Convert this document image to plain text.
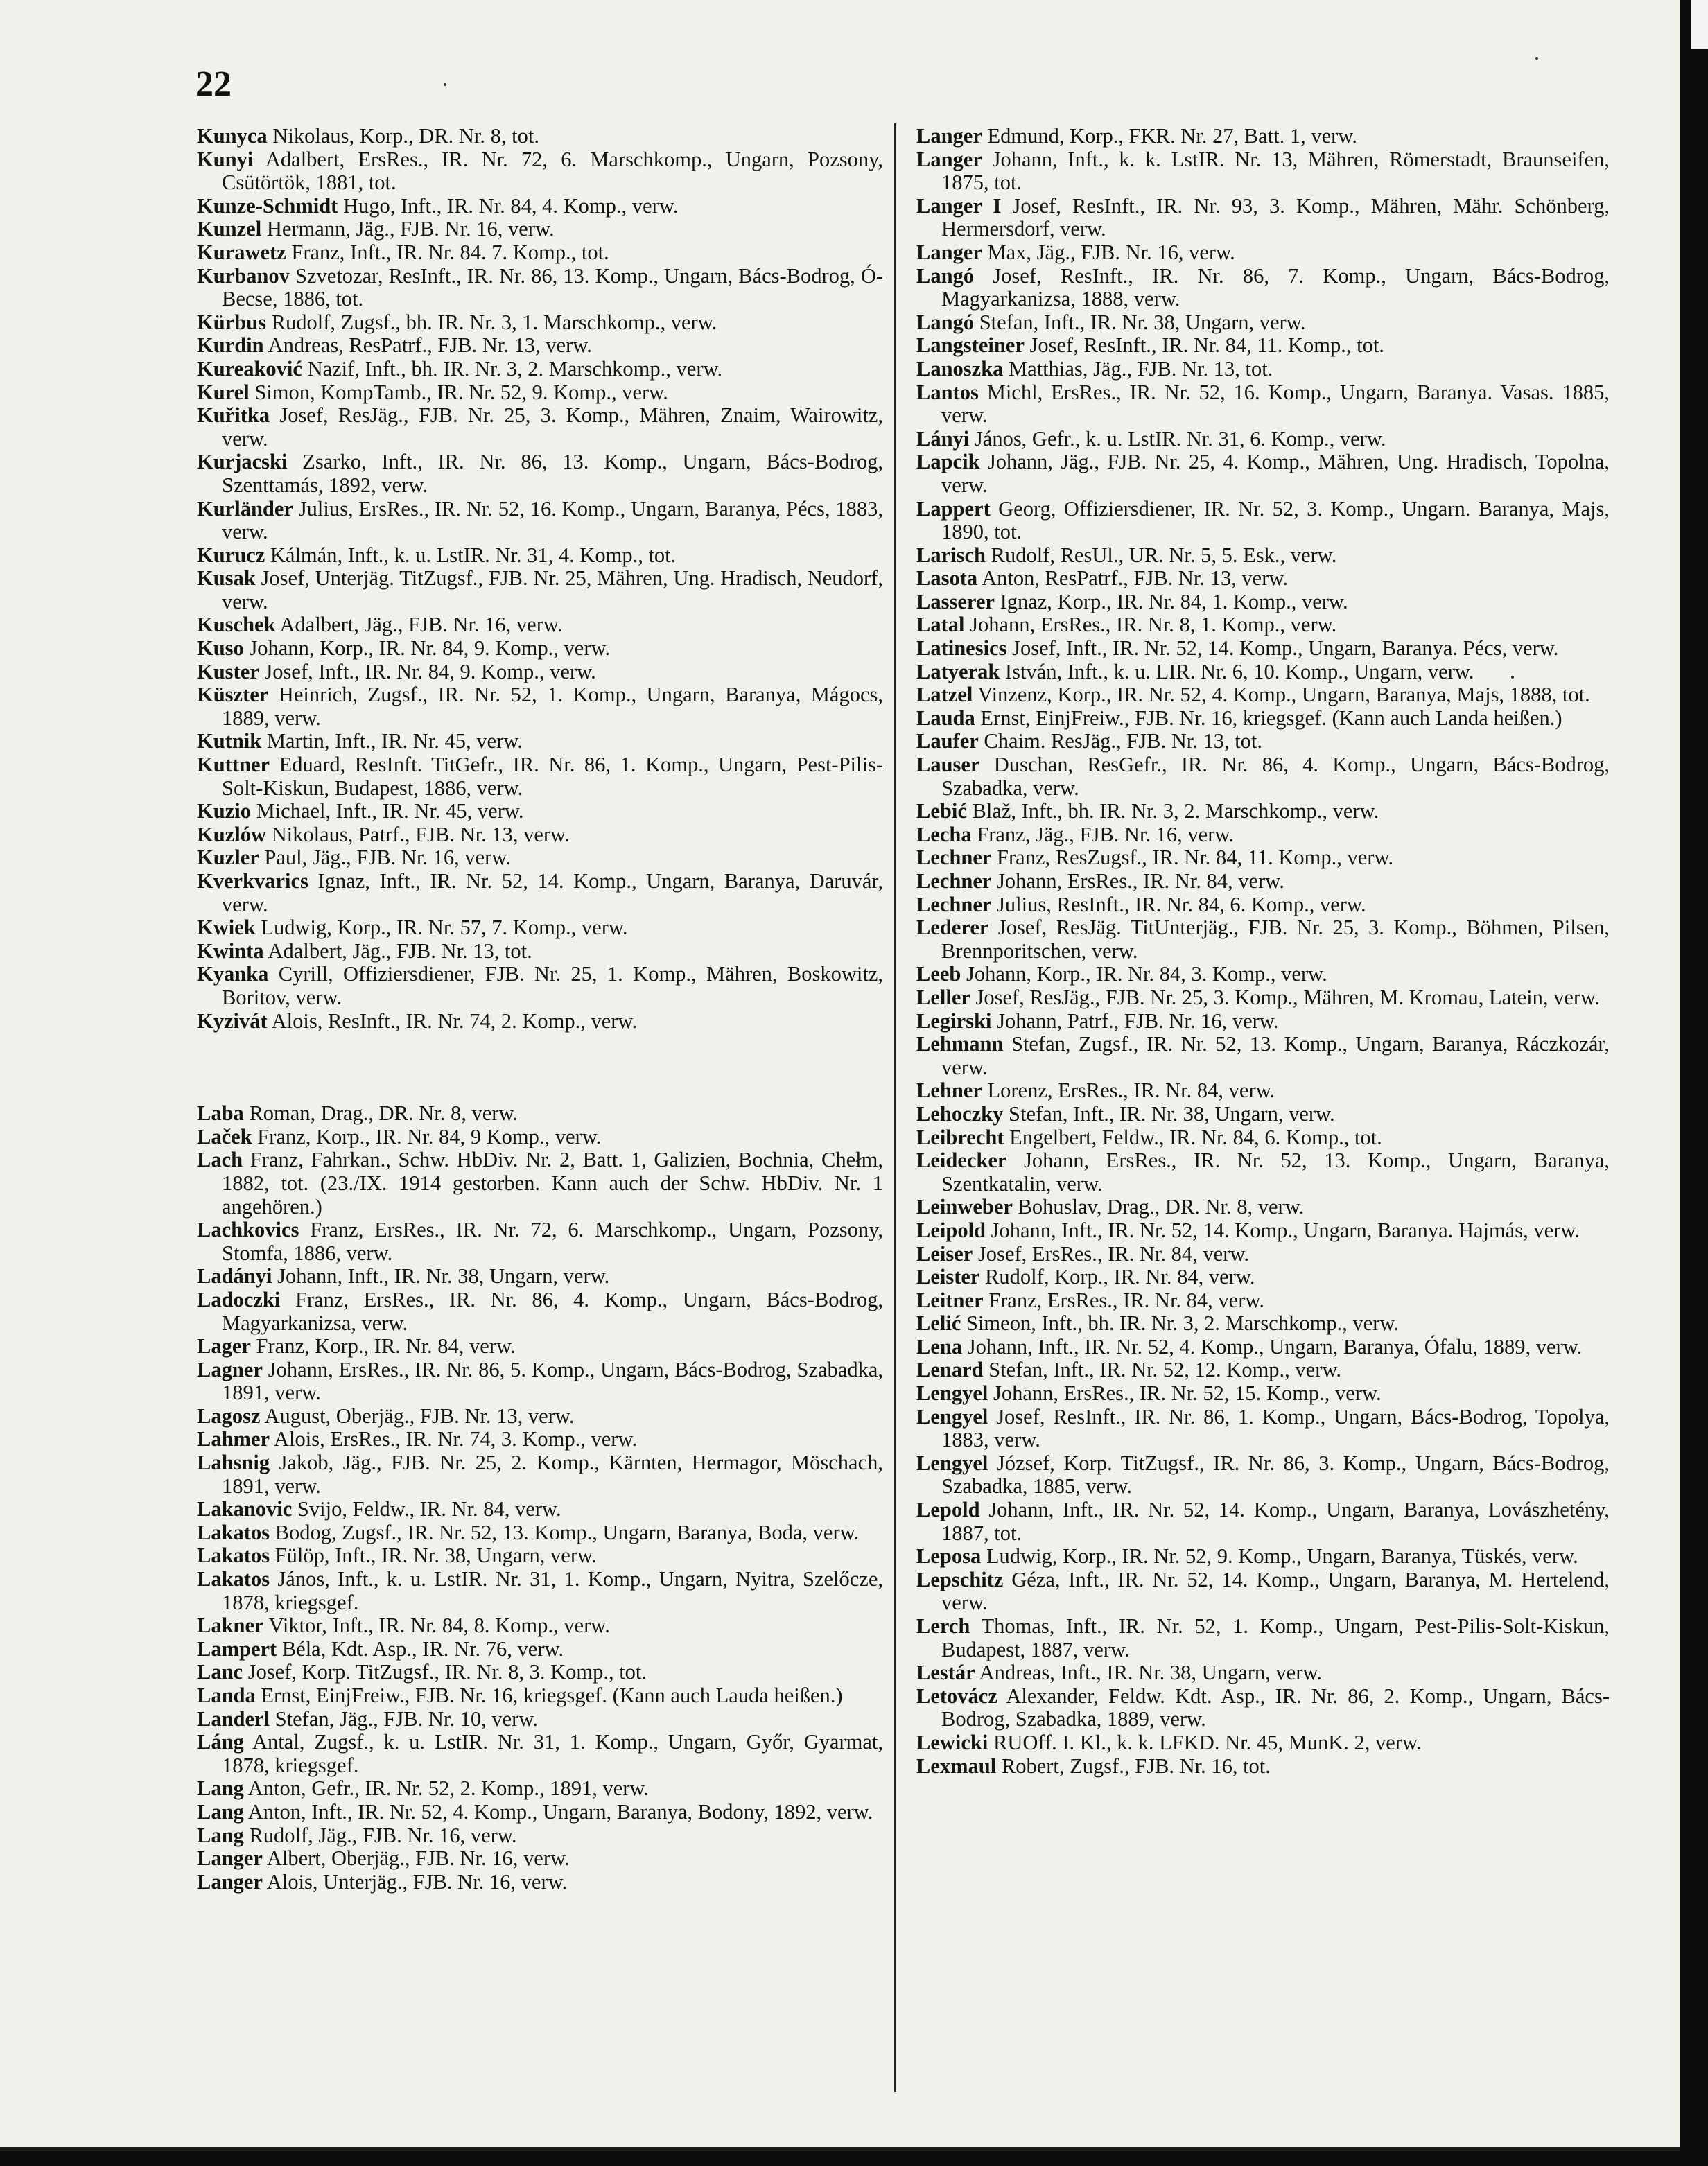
22

Kunyca Nikolaus, Korp., DR. Nr. 8, tot.

Kunyi Adalbert, ErsRes., IR. Nr. 72, 6. Marschkomp., Ungarn, Pozsony, Csütörtök, 1881, tot.

Kunze-Schmidt Hugo, Inft., IR. Nr. 84, 4. Komp., verw.

Kunzel Hermann, Jäg., FJB. Nr. 16, verw.

Kurawetz Franz, Inft., IR. Nr. 84. 7. Komp., tot.

Kurbanov Szvetozar, ResInft., IR. Nr. 86, 13. Komp., Ungarn, Bács-Bodrog, Ó-Becse, 1886, tot.

Kürbus Rudolf, Zugsf., bh. IR. Nr. 3, 1. Marschkomp., verw.

Kurdin Andreas, ResPatrf., FJB. Nr. 13, verw.

Kureaković Nazif, Inft., bh. IR. Nr. 3, 2. Marschkomp., verw.

Kurel Simon, KompTamb., IR. Nr. 52, 9. Komp., verw.

Kuřitka Josef, ResJäg., FJB. Nr. 25, 3. Komp., Mähren, Znaim, Wairowitz, verw.

Kurjacski Zsarko, Inft., IR. Nr. 86, 13. Komp., Ungarn, Bács-Bodrog, Szenttamás, 1892, verw.

Kurländer Julius, ErsRes., IR. Nr. 52, 16. Komp., Ungarn, Baranya, Pécs, 1883, verw.

Kurucz Kálmán, Inft., k. u. LstIR. Nr. 31, 4. Komp., tot.

Kusak Josef, Unterjäg. TitZugsf., FJB. Nr. 25, Mähren, Ung. Hradisch, Neudorf, verw.

Kuschek Adalbert, Jäg., FJB. Nr. 16, verw.

Kuso Johann, Korp., IR. Nr. 84, 9. Komp., verw.

Kuster Josef, Inft., IR. Nr. 84, 9. Komp., verw.

Küszter Heinrich, Zugsf., IR. Nr. 52, 1. Komp., Ungarn, Baranya, Mágocs, 1889, verw.

Kutnik Martin, Inft., IR. Nr. 45, verw.

Kuttner Eduard, ResInft. TitGefr., IR. Nr. 86, 1. Komp., Ungarn, Pest-Pilis-Solt-Kiskun, Budapest, 1886, verw.

Kuzio Michael, Inft., IR. Nr. 45, verw.

Kuzlów Nikolaus, Patrf., FJB. Nr. 13, verw.

Kuzler Paul, Jäg., FJB. Nr. 16, verw.

Kverkvarics Ignaz, Inft., IR. Nr. 52, 14. Komp., Ungarn, Baranya, Daruvár, verw.

Kwiek Ludwig, Korp., IR. Nr. 57, 7. Komp., verw.

Kwinta Adalbert, Jäg., FJB. Nr. 13, tot.

Kyanka Cyrill, Offiziersdiener, FJB. Nr. 25, 1. Komp., Mähren, Boskowitz, Boritov, verw.

Kyzivát Alois, ResInft., IR. Nr. 74, 2. Komp., verw.

Laba Roman, Drag., DR. Nr. 8, verw.

Laček Franz, Korp., IR. Nr. 84, 9 Komp., verw.

Lach Franz, Fahrkan., Schw. HbDiv. Nr. 2, Batt. 1, Galizien, Bochnia, Chełm, 1882, tot. (23./IX. 1914 gestorben. Kann auch der Schw. HbDiv. Nr. 1 angehören.)

Lachkovics Franz, ErsRes., IR. Nr. 72, 6. Marschkomp., Ungarn, Pozsony, Stomfa, 1886, verw.

Ladányi Johann, Inft., IR. Nr. 38, Ungarn, verw.

Ladoczki Franz, ErsRes., IR. Nr. 86, 4. Komp., Ungarn, Bács-Bodrog, Magyarkanizsa, verw.

Lager Franz, Korp., IR. Nr. 84, verw.

Lagner Johann, ErsRes., IR. Nr. 86, 5. Komp., Ungarn, Bács-Bodrog, Szabadka, 1891, verw.

Lagosz August, Oberjäg., FJB. Nr. 13, verw.

Lahmer Alois, ErsRes., IR. Nr. 74, 3. Komp., verw.

Lahsnig Jakob, Jäg., FJB. Nr. 25, 2. Komp., Kärnten, Hermagor, Möschach, 1891, verw.

Lakanovic Svijo, Feldw., IR. Nr. 84, verw.

Lakatos Bodog, Zugsf., IR. Nr. 52, 13. Komp., Ungarn, Baranya, Boda, verw.

Lakatos Fülöp, Inft., IR. Nr. 38, Ungarn, verw.

Lakatos János, Inft., k. u. LstIR. Nr. 31, 1. Komp., Ungarn, Nyitra, Szelőcze, 1878, kriegsgef.

Lakner Viktor, Inft., IR. Nr. 84, 8. Komp., verw.

Lampert Béla, Kdt. Asp., IR. Nr. 76, verw.

Lanc Josef, Korp. TitZugsf., IR. Nr. 8, 3. Komp., tot.

Landa Ernst, EinjFreiw., FJB. Nr. 16, kriegsgef. (Kann auch Lauda heißen.)

Landerl Stefan, Jäg., FJB. Nr. 10, verw.

Láng Antal, Zugsf., k. u. LstIR. Nr. 31, 1. Komp., Ungarn, Győr, Gyarmat, 1878, kriegsgef.

Lang Anton, Gefr., IR. Nr. 52, 2. Komp., 1891, verw.

Lang Anton, Inft., IR. Nr. 52, 4. Komp., Ungarn, Baranya, Bodony, 1892, verw.

Lang Rudolf, Jäg., FJB. Nr. 16, verw.

Langer Albert, Oberjäg., FJB. Nr. 16, verw.

Langer Alois, Unterjäg., FJB. Nr. 16, verw.

Langer Edmund, Korp., FKR. Nr. 27, Batt. 1, verw.

Langer Johann, Inft., k. k. LstIR. Nr. 13, Mähren, Römerstadt, Braunseifen, 1875, tot.

Langer I Josef, ResInft., IR. Nr. 93, 3. Komp., Mähren, Mähr. Schönberg, Hermersdorf, verw.

Langer Max, Jäg., FJB. Nr. 16, verw.

Langó Josef, ResInft., IR. Nr. 86, 7. Komp., Ungarn, Bács-Bodrog, Magyarkanizsa, 1888, verw.

Langó Stefan, Inft., IR. Nr. 38, Ungarn, verw.

Langsteiner Josef, ResInft., IR. Nr. 84, 11. Komp., tot.

Lanoszka Matthias, Jäg., FJB. Nr. 13, tot.

Lantos Michl, ErsRes., IR. Nr. 52, 16. Komp., Ungarn, Baranya. Vasas. 1885, verw.

Lányi János, Gefr., k. u. LstIR. Nr. 31, 6. Komp., verw.

Lapcik Johann, Jäg., FJB. Nr. 25, 4. Komp., Mähren, Ung. Hradisch, Topolna, verw.

Lappert Georg, Offiziersdiener, IR. Nr. 52, 3. Komp., Ungarn. Baranya, Majs, 1890, tot.

Larisch Rudolf, ResUl., UR. Nr. 5, 5. Esk., verw.

Lasota Anton, ResPatrf., FJB. Nr. 13, verw.

Lasserer Ignaz, Korp., IR. Nr. 84, 1. Komp., verw.

Latal Johann, ErsRes., IR. Nr. 8, 1. Komp., verw.

Latinesics Josef, Inft., IR. Nr. 52, 14. Komp., Ungarn, Baranya. Pécs, verw.

Latyerak István, Inft., k. u. LIR. Nr. 6, 10. Komp., Ungarn, verw.

Latzel Vinzenz, Korp., IR. Nr. 52, 4. Komp., Ungarn, Baranya, Majs, 1888, tot.

Lauda Ernst, EinjFreiw., FJB. Nr. 16, kriegsgef. (Kann auch Landa heißen.)

Laufer Chaim. ResJäg., FJB. Nr. 13, tot.

Lauser Duschan, ResGefr., IR. Nr. 86, 4. Komp., Ungarn, Bács-Bodrog, Szabadka, verw.

Lebić Blaž, Inft., bh. IR. Nr. 3, 2. Marschkomp., verw.

Lecha Franz, Jäg., FJB. Nr. 16, verw.

Lechner Franz, ResZugsf., IR. Nr. 84, 11. Komp., verw.

Lechner Johann, ErsRes., IR. Nr. 84, verw.

Lechner Julius, ResInft., IR. Nr. 84, 6. Komp., verw.

Lederer Josef, ResJäg. TitUnterjäg., FJB. Nr. 25, 3. Komp., Böhmen, Pilsen, Brennporitschen, verw.

Leeb Johann, Korp., IR. Nr. 84, 3. Komp., verw.

Leller Josef, ResJäg., FJB. Nr. 25, 3. Komp., Mähren, M. Kromau, Latein, verw.

Legirski Johann, Patrf., FJB. Nr. 16, verw.

Lehmann Stefan, Zugsf., IR. Nr. 52, 13. Komp., Ungarn, Baranya, Ráczkozár, verw.

Lehner Lorenz, ErsRes., IR. Nr. 84, verw.

Lehoczky Stefan, Inft., IR. Nr. 38, Ungarn, verw.

Leibrecht Engelbert, Feldw., IR. Nr. 84, 6. Komp., tot.

Leidecker Johann, ErsRes., IR. Nr. 52, 13. Komp., Ungarn, Baranya, Szentkatalin, verw.

Leinweber Bohuslav, Drag., DR. Nr. 8, verw.

Leipold Johann, Inft., IR. Nr. 52, 14. Komp., Ungarn, Baranya. Hajmás, verw.

Leiser Josef, ErsRes., IR. Nr. 84, verw.

Leister Rudolf, Korp., IR. Nr. 84, verw.

Leitner Franz, ErsRes., IR. Nr. 84, verw.

Lelić Simeon, Inft., bh. IR. Nr. 3, 2. Marschkomp., verw.

Lena Johann, Inft., IR. Nr. 52, 4. Komp., Ungarn, Baranya, Ófalu, 1889, verw.

Lenard Stefan, Inft., IR. Nr. 52, 12. Komp., verw.

Lengyel Johann, ErsRes., IR. Nr. 52, 15. Komp., verw.

Lengyel Josef, ResInft., IR. Nr. 86, 1. Komp., Ungarn, Bács-Bodrog, Topolya, 1883, verw.

Lengyel József, Korp. TitZugsf., IR. Nr. 86, 3. Komp., Ungarn, Bács-Bodrog, Szabadka, 1885, verw.

Lepold Johann, Inft., IR. Nr. 52, 14. Komp., Ungarn, Baranya, Lovászhetény, 1887, tot.

Leposa Ludwig, Korp., IR. Nr. 52, 9. Komp., Ungarn, Baranya, Tüskés, verw.

Lepschitz Géza, Inft., IR. Nr. 52, 14. Komp., Ungarn, Baranya, M. Hertelend, verw.

Lerch Thomas, Inft., IR. Nr. 52, 1. Komp., Ungarn, Pest-Pilis-Solt-Kiskun, Budapest, 1887, verw.

Lestár Andreas, Inft., IR. Nr. 38, Ungarn, verw.

Letovácz Alexander, Feldw. Kdt. Asp., IR. Nr. 86, 2. Komp., Ungarn, Bács-Bodrog, Szabadka, 1889, verw.

Lewicki RUOff. I. Kl., k. k. LFKD. Nr. 45, MunK. 2, verw.

Lexmaul Robert, Zugsf., FJB. Nr. 16, tot.
